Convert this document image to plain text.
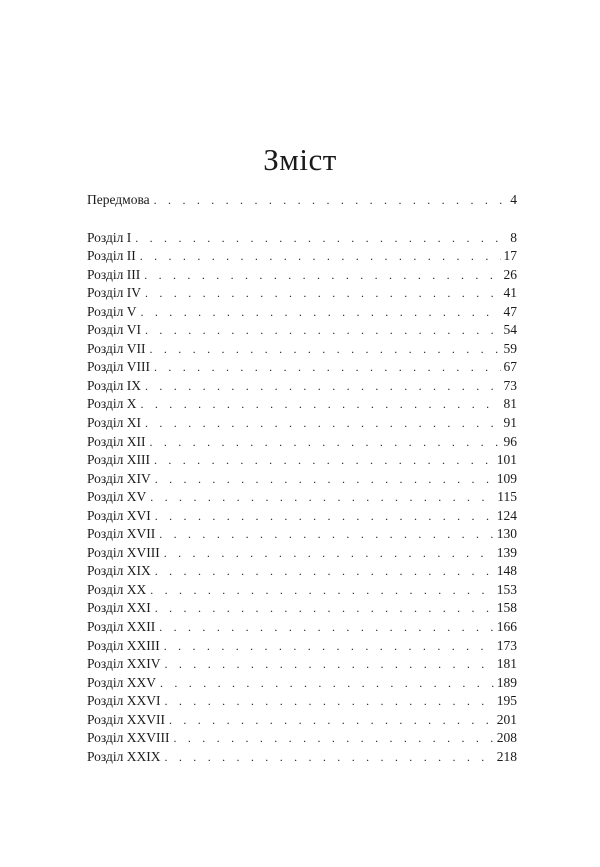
Зміст
Передмова . . .	4
Розділ I . . .	8
Розділ II . . .	17
Розділ III . . .	26
Розділ IV . . .	41
Розділ V . . .	47
Розділ VI . . .	54
Розділ VII . . .	59
Розділ VIII . . .	67
Розділ IX . . .	73
Розділ X . . .	81
Розділ XI . . .	91
Розділ XII . . .	96
Розділ XIII . . .	101
Розділ XIV . . .	109
Розділ XV . . .	115
Розділ XVI . . .	124
Розділ XVII . . .	130
Розділ XVIII . . .	139
Розділ XIX . . .	148
Розділ XX . . .	153
Розділ XXI . . .	158
Розділ XXII . . .	166
Розділ XXIII . . .	173
Розділ XXIV . . .	181
Розділ XXV . . .	189
Розділ XXVI . . .	195
Розділ XXVII . . .	201
Розділ XXVIII . . .	208
Розділ XXIX . . .	218
